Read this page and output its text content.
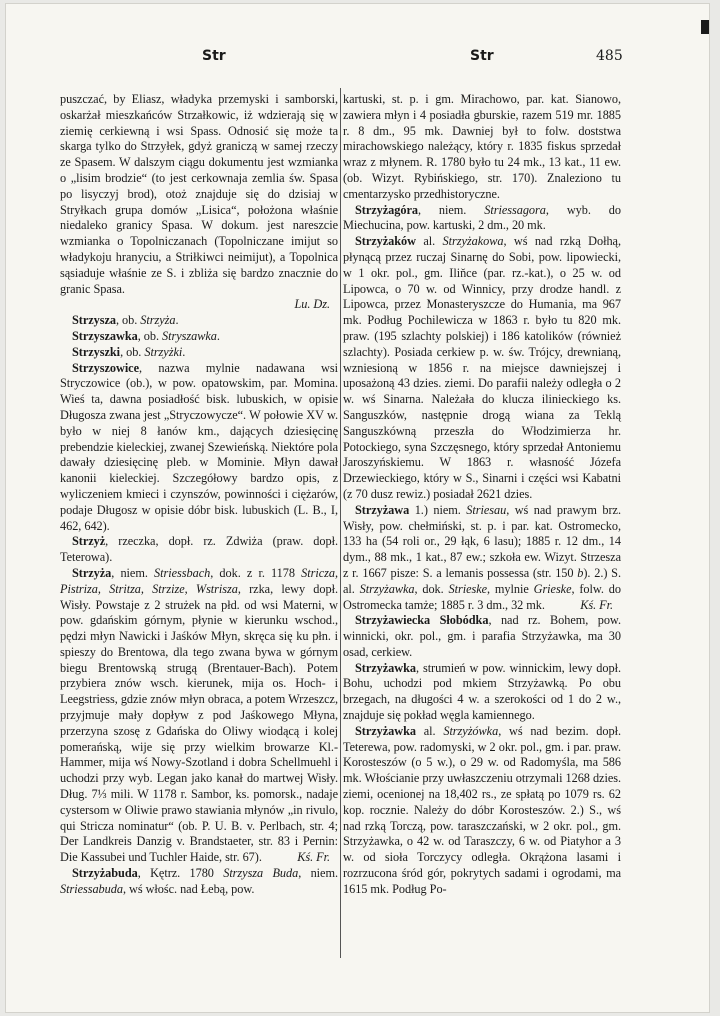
Str	Str	485

puszczać, by Eliasz, władyka przemyski i samborski, oskarżał mieszkańców Strzałkowic, iż wdzierają się w ziemię cerkiewną i wsi Spass. Odnosić się może ta skarga tylko do Strzyłek, gdyż graniczą w samej rzeczy ze Spasem. W dalszym ciągu dokumentu jest wzmianka o „lisim brodzie“ (to jest cerkownaja zemlia św. Spasa po lisyczyj brod), otoż znajduje się do dzisiaj w Stryłkach grupa domów „Lisica“, położona właśnie niedaleko granicy Spasa. W dokum. jest nareszcie wzmianka o Topolniczanach (Topolniczane imijut so władykoju hranyciu, a Striłkiwci neimijut), a Topolnica sąsiaduje właśnie ze S. i zbliża się bardzo znacznie do granic Spasa.
Lu. Dz.

Strzysza, ob. Strzyża.

Strzyszawka, ob. Stryszawka.

Strzyszki, ob. Strzyżki.

Strzyszowice, nazwa mylnie nadawana wsi Stryczowice (ob.), w pow. opatowskim, par. Momina. Wieś ta, dawna posiadłość bisk. lubuskich, w opisie Długosza zwana jest „Stryczowycze“. W połowie XV w. było w niej 8 łanów km., dających dziesięcinę prebendzie kieleckiej, zwanej Szewieńską. Niektóre pola dawały dziesięcinę pleb. w Mominie. Młyn dawał kanonii kieleckiej. Szczegółowy bardzo opis, z wyliczeniem kmieci i czynszów, powinności i ciężarów, podaje Długosz w opisie dóbr bisk. lubuskich (L. B., I, 462, 642).

Strzyż, rzeczka, dopł. rz. Zdwiża (praw. dopł. Teterowa).

Strzyża, niem. Striessbach, dok. z r. 1178 Stricza, Pistriza, Stritza, Strzize, Wstrisza, rzka, lewy dopł. Wisły. Powstaje z 2 strużek na płd. od wsi Materni, w pow. gdańskim górnym, płynie w kierunku wschod., pędzi młyn Nawicki i Jaśków Młyn, skręca się ku płn. i spieszy do Brentowa, dla tego zwana bywa w górnym biegu Brentowską strugą (Brentauer-Bach). Potem przybiera znów wsch. kierunek, mija os. Hoch- i Leegstriess, gdzie znów młyn obraca, a potem Wrzeszcz, przyjmuje mały dopływ z pod Jaśkowego Młyna, przerzyna szosę z Gdańska do Oliwy wiodącą i kolej pomerańską, wije się przy wielkim browarze Kl.-Hammer, mija wś Nowy-Szotland i dobra Schellmuehl i uchodzi przy wyb. Legan jako kanał do martwej Wisły. Dług. 7⅓ mili. W 1178 r. Sambor, ks. pomorsk., nadaje cystersom w Oliwie prawo stawiania młynów „in rivulo, qui Stricza nominatur“ (ob. P. U. B. v. Perlbach, str. 4; Der Landkreis Danzig v. Brandstaeter, str. 83 i Pernin: Die Kassubei und Tuchler Haide, str. 67).	Kś. Fr.

Strzyżabuda, Kętrz. 1780 Strzysza Buda, niem. Striessabuda, wś włośc. nad Łebą, pow.

kartuski, st. p. i gm. Mirachowo, par. kat. Sianowo, zawiera młyn i 4 posiadła gburskie, razem 519 mr. 1885 r. 8 dm., 95 mk. Dawniej był to folw. doststwa mirachowskiego należący, który r. 1835 fiskus sprzedał wraz z młynem. R. 1780 było tu 24 mk., 13 kat., 11 ew. (ob. Wizyt. Rybińskiego, str. 170). Znaleziono tu cmentarzysko przedhistoryczne.

Strzyżagóra, niem. Striessagora, wyb. do Miechucina, pow. kartuski, 2 dm., 20 mk.

Strzyżaków al. Strzyżakowa, wś nad rzką Dołhą, płynącą przez ruczaj Sinarnę do Sobi, pow. lipowiecki, w 1 okr. pol., gm. Iliňce (par. rz.-kat.), o 25 w. od Lipowca, o 70 w. od Winnicy, przy drodze handl. z Lipowca, przez Monasteryszcze do Humania, ma 967 mk. Podług Pochilewicza w 1863 r. było tu 820 mk. praw. (195 szlachty polskiej) i 186 katolików (również szlachty). Posiada cerkiew p. w. św. Trójcy, drewnianą, wzniesioną w 1856 r. na miejsce dawniejszej i uposażoną 43 dzies. ziemi. Do parafii należy odległa o 2 w. wś Sinarna. Należała do klucza ilinieckiego ks. Sanguszków, następnie drogą wiana za Teklą Sanguszkówną przeszła do Włodzimierza hr. Potockiego, syna Szczęsnego, który sprzedał Antoniemu Jaroszyńskiemu. W 1863 r. własność Józefa Drzewieckiego, który w S., Sinarni i części wsi Kabatni (z 70 dusz rewiz.) posiadał 2621 dzies.

Strzyżawa 1.) niem. Striesau, wś nad prawym brz. Wisły, pow. chełmiński, st. p. i par. kat. Ostromecko, 133 ha (54 roli or., 29 łąk, 6 lasu); 1885 r. 12 dm., 14 dym., 88 mk., 1 kat., 87 ew.; szkoła ew. Wizyt. Strzesza z r. 1667 pisze: S. a lemanis possessa (str. 150 b). 2.) S. al. Strzyżawka, dok. Strieske, mylnie Grieske, folw. do Ostromecka tamże; 1885 r. 3 dm., 32 mk.	Kś. Fr.

Strzyżawiecka Słobódka, nad rz. Bohem, pow. winnicki, okr. pol., gm. i parafia Strzyżawka, ma 30 osad, cerkiew.

Strzyżawka, strumień w pow. winnickim, lewy dopł. Bohu, uchodzi pod mkiem Strzyżawką. Po obu brzegach, na długości 4 w. a szerokości od 1 do 2 w., znajduje się pokład węgla kamiennego.

Strzyżawka al. Strzyżówka, wś nad bezim. dopł. Teterewa, pow. radomyski, w 2 okr. pol., gm. i par. praw. Korosteszów (o 5 w.), o 29 w. od Radomyśla, ma 586 mk. Włościanie przy uwłaszczeniu otrzymali 1268 dzies. ziemi, ocenionej na 18,402 rs., ze spłatą po 1079 rs. 62 kop. rocznie. Należy do dóbr Korosteszów. 2.) S., wś nad rzką Torczą, pow. taraszczański, w 2 okr. pol., gm. Strzyżawka, o 42 w. od Taraszczy, 6 w. od Piatyhor a 3 w. od sioła Torczycy odległa. Okrążona lasami i rozrzucona śród gór, pokrytych sadami i ogrodami, ma 1615 mk. Podług Po-
